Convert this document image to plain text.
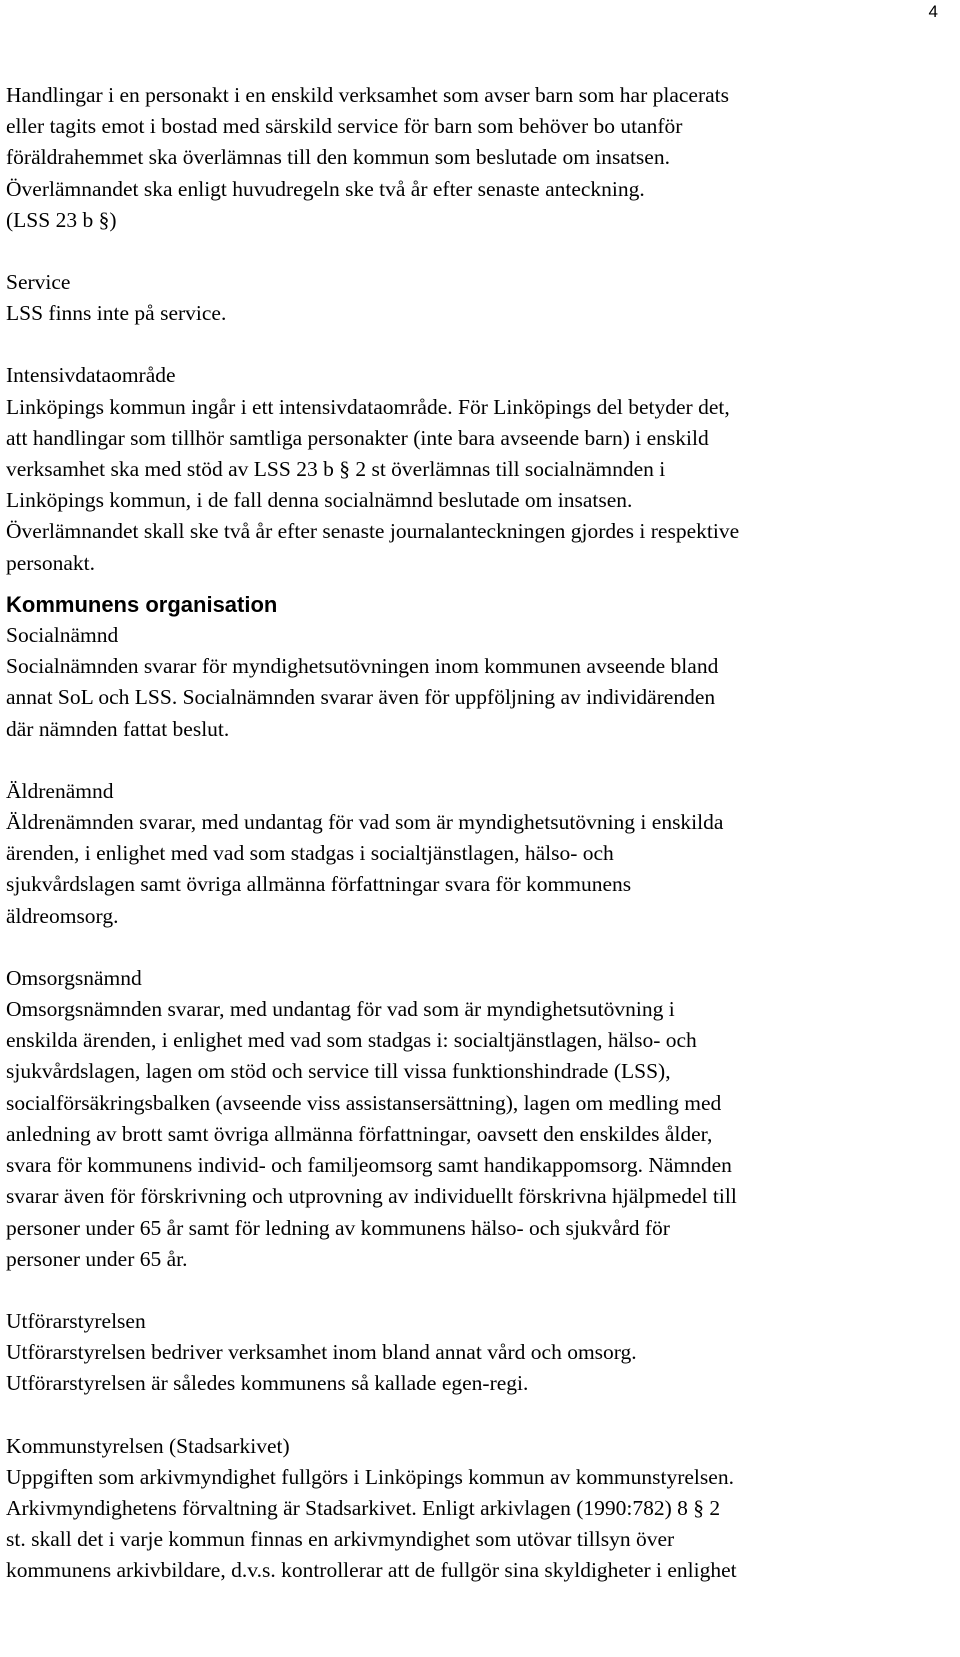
4

Handlingar i en personakt i en enskild verksamhet som avser barn som har placerats
eller tagits emot i bostad med särskild service för barn som behöver bo utanför
föräldrahemmet ska överlämnas till den kommun som beslutade om insatsen.
Överlämnandet ska enligt huvudregeln ske två år efter senaste anteckning.
(LSS 23 b §)

Service
LSS finns inte på service.

Intensivdataområde
Linköpings kommun ingår i ett intensivdataområde. För Linköpings del betyder det,
att handlingar som tillhör samtliga personakter (inte bara avseende barn) i enskild
verksamhet ska med stöd av LSS 23 b § 2 st överlämnas till socialnämnden i
Linköpings kommun, i de fall denna socialnämnd beslutade om insatsen.
Överlämnandet skall ske två år efter senaste journalanteckningen gjordes i respektive
personakt.

Kommunens organisation

Socialnämnd
Socialnämnden svarar för myndighetsutövningen inom kommunen avseende bland
annat SoL och LSS. Socialnämnden svarar även för uppföljning av individärenden
där nämnden fattat beslut.

Äldrenämnd
Äldrenämnden svarar, med undantag för vad som är myndighetsutövning i enskilda
ärenden, i enlighet med vad som stadgas i socialtjänstlagen, hälso- och
sjukvårdslagen samt övriga allmänna författningar svara för kommunens
äldreomsorg.

Omsorgsnämnd
Omsorgsnämnden svarar, med undantag för vad som är myndighetsutövning i
enskilda ärenden, i enlighet med vad som stadgas i: socialtjänstlagen, hälso- och
sjukvårdslagen, lagen om stöd och service till vissa funktionshindrade (LSS),
socialförsäkringsbalken (avseende viss assistansersättning), lagen om medling med
anledning av brott samt övriga allmänna författningar, oavsett den enskildes ålder,
svara för kommunens individ- och familjeomsorg samt handikappomsorg. Nämnden
svarar även för förskrivning och utprovning av individuellt förskrivna hjälpmedel till
personer under 65 år samt för ledning av kommunens hälso- och sjukvård för
personer under 65 år.

Utförarstyrelsen
Utförarstyrelsen bedriver verksamhet inom bland annat vård och omsorg.
Utförarstyrelsen är således kommunens så kallade egen-regi.

Kommunstyrelsen (Stadsarkivet)
Uppgiften som arkivmyndighet fullgörs i Linköpings kommun av kommunstyrelsen.
Arkivmyndighetens förvaltning är Stadsarkivet. Enligt arkivlagen (1990:782) 8 § 2
st. skall det i varje kommun finnas en arkivmyndighet som utövar tillsyn över
kommunens arkivbildare, d.v.s. kontrollerar att de fullgör sina skyldigheter i enlighet
